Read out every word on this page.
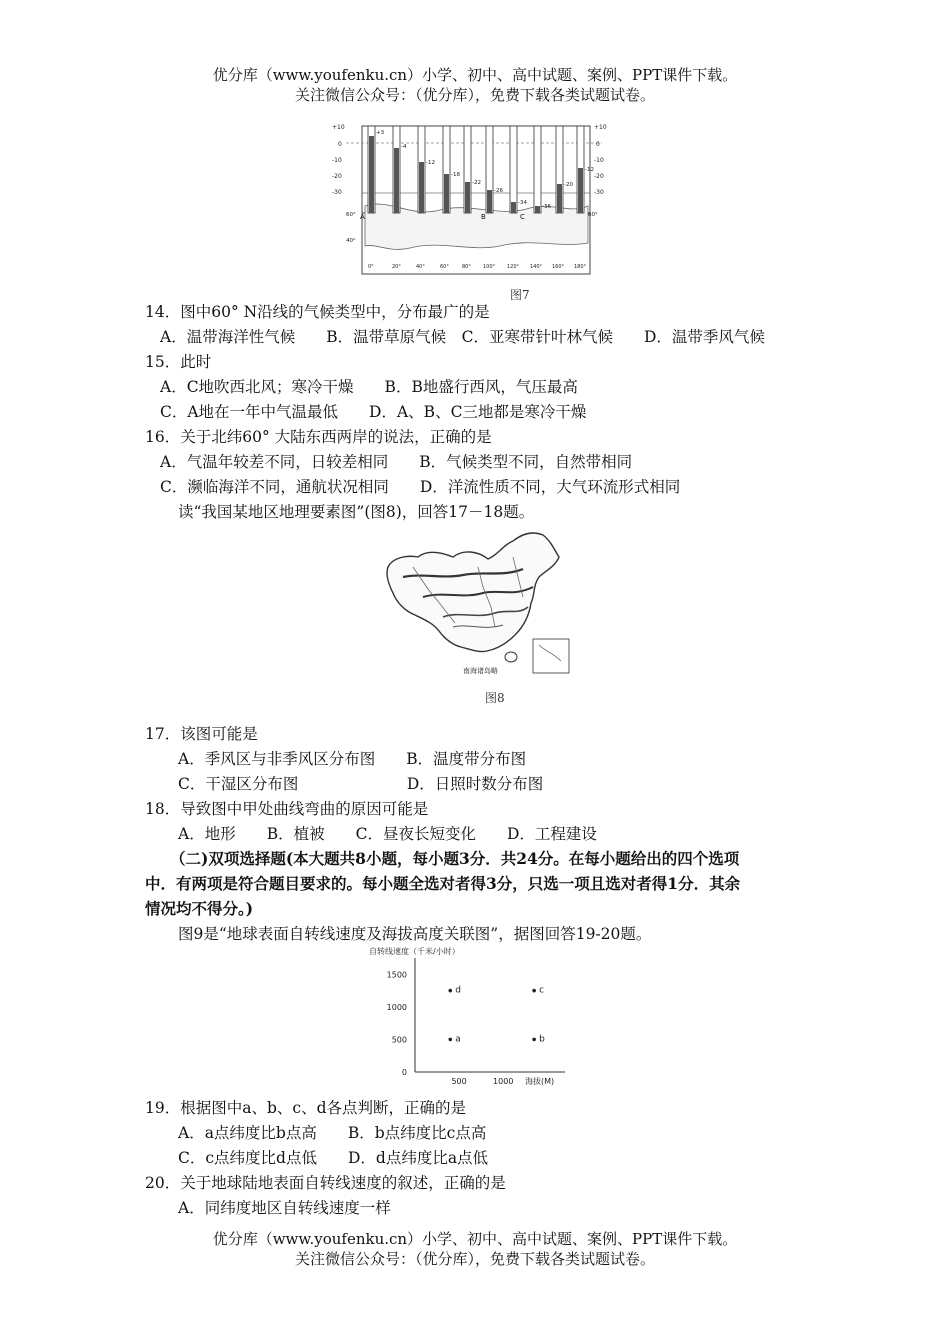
优分库（www.youfenku.cn）小学、初中、高中试题、案例、PPT课件下载。
关注微信公众号：（优分库），免费下载各类试题试卷。
+10
0
-10
-20
-30
+10
0
-10
-20
-30
+3
-4
-12
-18
-22
-26
-34
-36
-20
-12
A	B	C
60°
40°
60°
0°	20°	40°	60°	80° 100° 120° 140° 160° 180°
图7
14．图中60° N沿线的气候类型中，分布最广的是
A．温带海洋性气候　　B．温带草原气候　C．亚寒带针叶林气候　　D．温带季风气候
15．此时
A．C地吹西北风；寒冷干燥　　B．B地盛行西风，气压最高
C．A地在一年中气温最低　　D．A、B、C三地都是寒冷干燥
16．关于北纬60° 大陆东西两岸的说法，正确的是
A．气温年较差不同，日较差相同　　B．气候类型不同，自然带相同
C．濒临海洋不同，通航状况相同　　D．洋流性质不同，大气环流形式相同
读“我国某地区地理要素图”(图8)，回答17－18题。
南海诸岛略
图8
17．该图可能是
A．季风区与非季风区分布图　　B．温度带分布图
C．干湿区分布图　　　　　　　D．日照时数分布图
18．导致图中甲处曲线弯曲的原因可能是
A．地形　　B．植被　　C．昼夜长短变化　　D．工程建设
（二)双项选择题(本大题共8小题，每小题3分．共24分。在每小题给出的四个选项
中．有两项是符合题目要求的。每小题全选对者得3分，只选一项且选对者得1分．其余
情况均不得分。)
图9是“地球表面自转线速度及海拔高度关联图”，据图回答19-20题。
自转线速度（千米/小时）
1500
1000
500
0
500	1000 海拔(M)
d	c
a	b
19．根据图中a、b、c、d各点判断，正确的是
A．a点纬度比b点高　　B．b点纬度比c点高
C．c点纬度比d点低　　D．d点纬度比a点低
20．关于地球陆地表面自转线速度的叙述，正确的是
A．同纬度地区自转线速度一样
优分库（www.youfenku.cn）小学、初中、高中试题、案例、PPT课件下载。
关注微信公众号：（优分库），免费下载各类试题试卷。
